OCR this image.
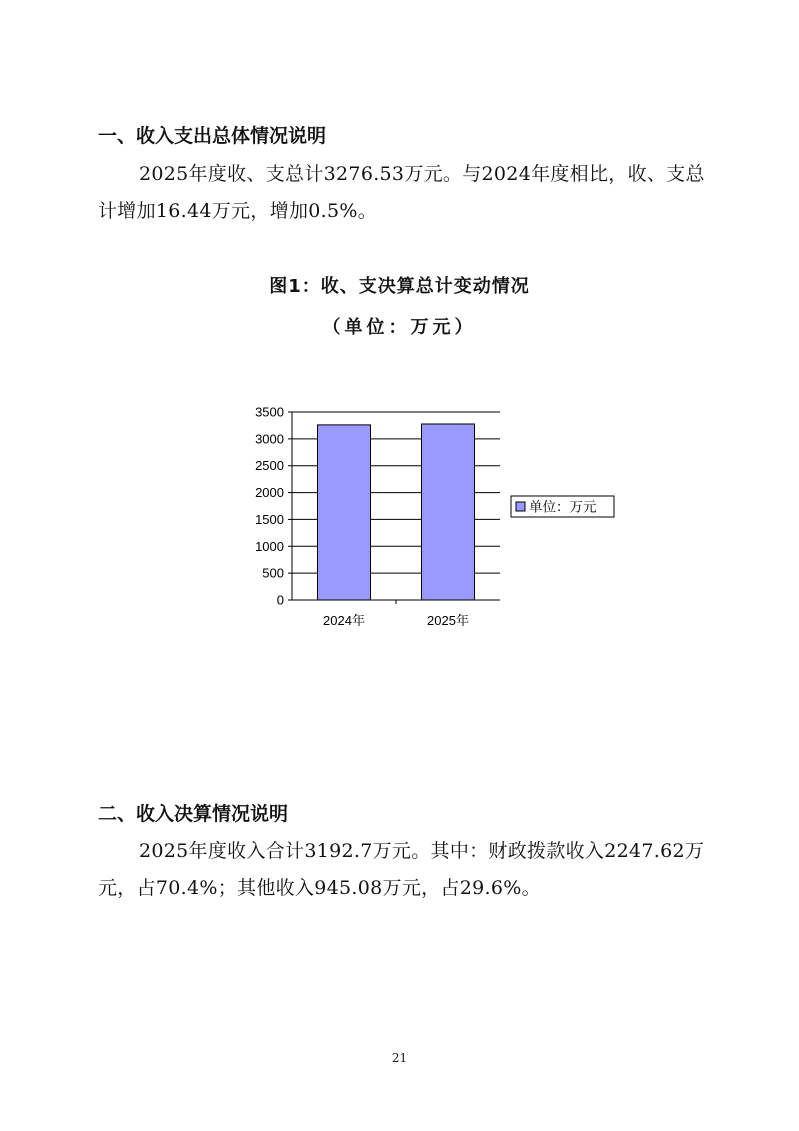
一、收入支出总体情况说明
2025年度收、支总计3276.53万元。与2024年度相比，收、支总计增加16.44万元，增加0.5%。
图1：收、支决算总计变动情况
（单位：万元）
0
500
1000
1500
2000
2500
3000
3500
2024年	2025年
单位：万元
二、收入决算情况说明
2025年度收入合计3192.7万元。其中：财政拨款收入2247.62万元，占70.4%；其他收入945.08万元，占29.6%。
21
